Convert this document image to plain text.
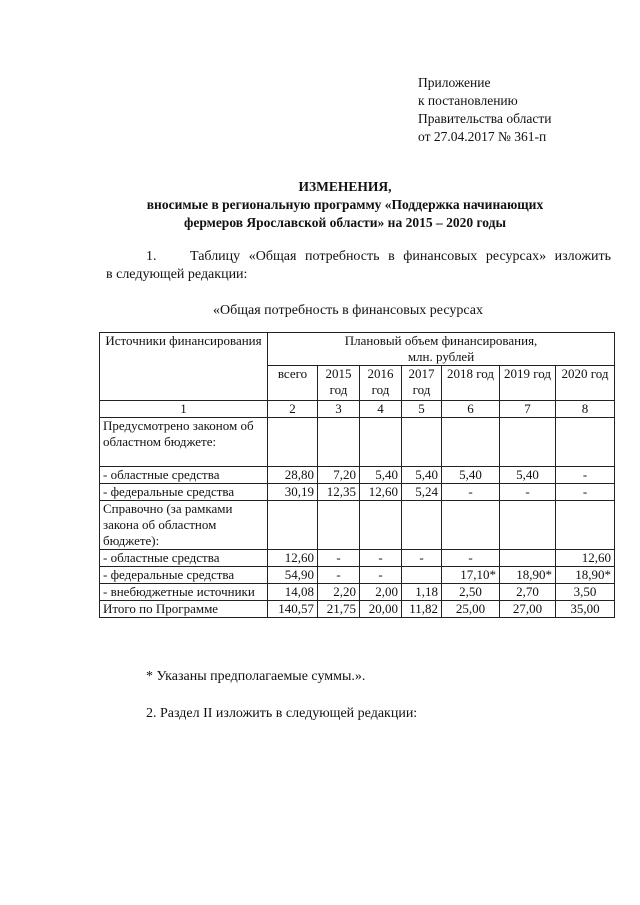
Приложение
к постановлению
Правительства области
от 27.04.2017 № 361-п
ИЗМЕНЕНИЯ,
вносимые в региональную программу «Поддержка начинающих
фермеров Ярославской области» на 2015 – 2020 годы
1.	Таблицу «Общая потребность в финансовых ресурсах» изложить
в следующей редакции:
«Общая потребность в финансовых ресурсах
Источники финансирования	Плановый объем финансирования,
млн. рублей						

	всего	2015 год	2016 год	2017 год	2018 год	2019 год	2020 год
1	2	3	4	5	6	7	8
Предусмотрено законом об областном бюджете:							
- областные средства	28,80	7,20	5,40	5,40	5,40	5,40	-
- федеральные средства	30,19	12,35	12,60	5,24	-	-	-
Справочно (за рамками закона об областном бюджете):							
- областные средства	12,60	-	-	-	-		12,60
- федеральные средства	54,90	-	-		17,10*	18,90*	18,90*
- внебюджетные источники	14,08	2,20	2,00	1,18	2,50	2,70	3,50
Итого по Программе	140,57	21,75	20,00	11,82	25,00	27,00	35,00
* Указаны предполагаемые суммы.».
2. Раздел II изложить в следующей редакции:
